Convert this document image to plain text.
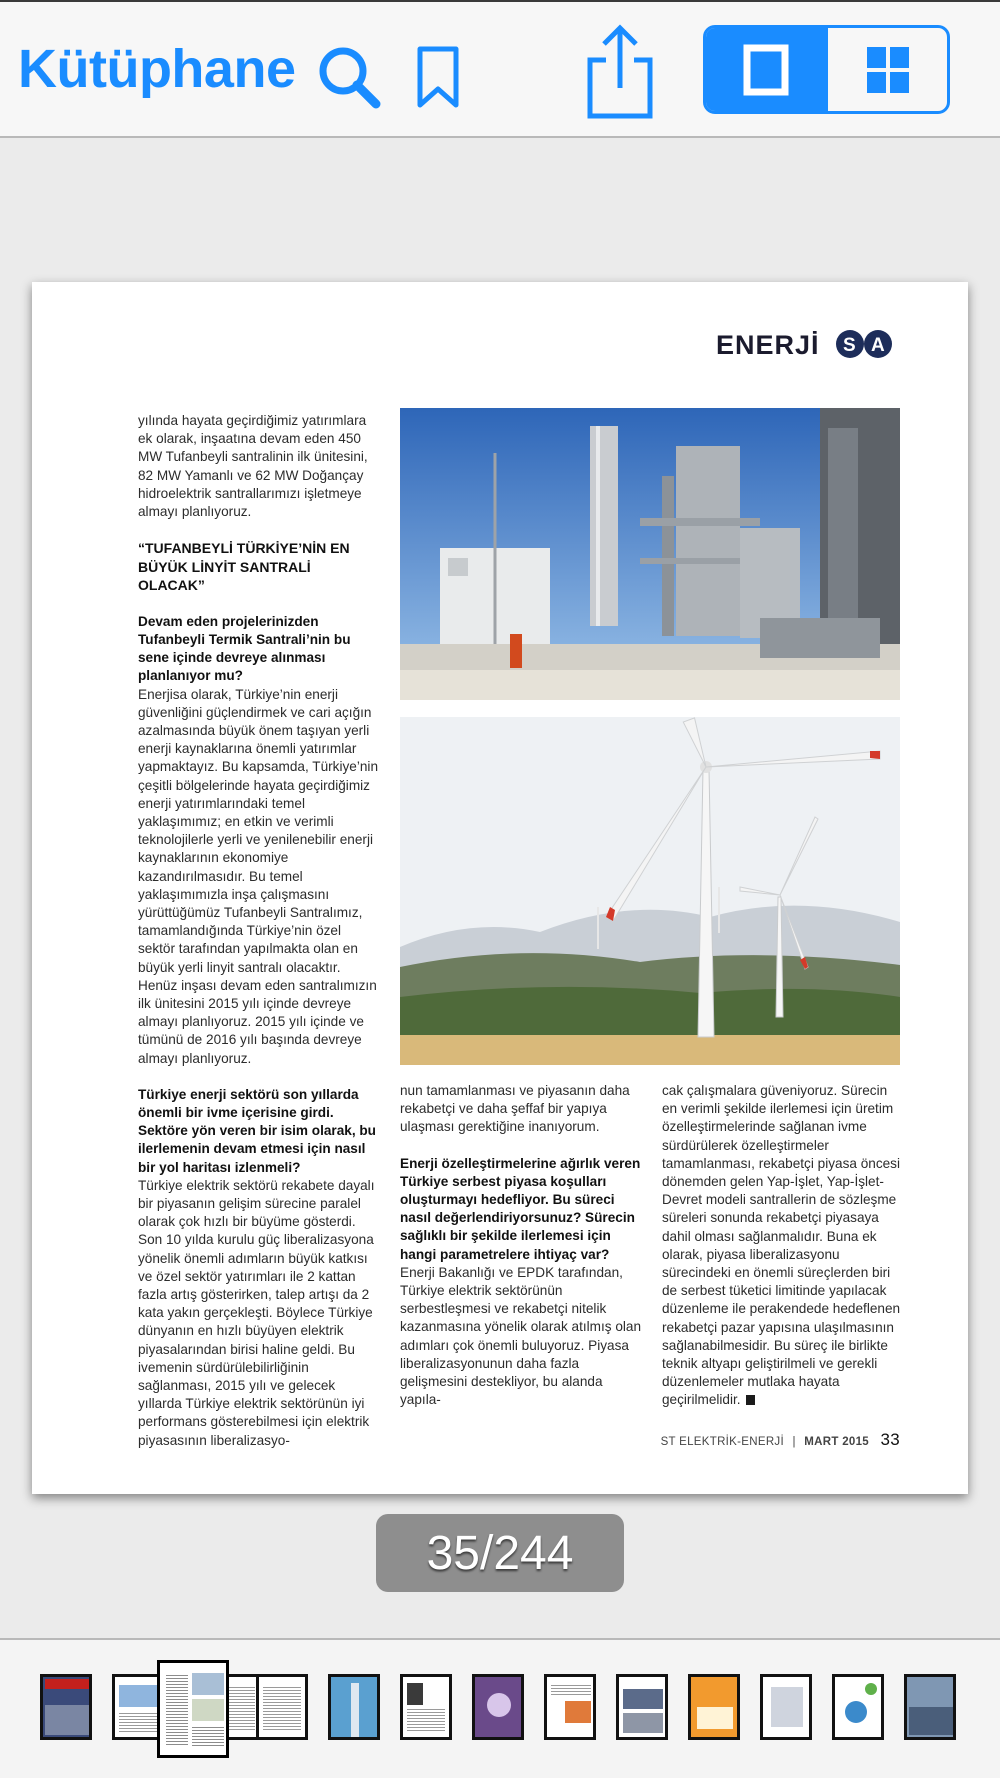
Kütüphane
ENERJİ S A

yılında hayata geçirdiğimiz yatırımlara ek olarak, inşaatına devam eden 450 MW Tufanbeyli santralinin ilk ünitesini, 82 MW Yamanlı ve 62 MW Doğançay hidroelektrik santrallarımızı işletmeye almayı planlıyoruz.

“TUFANBEYLİ TÜRKİYE’NİN EN BÜYÜK LİNYİT SANTRALİ OLACAK”

Devam eden projelerinizden Tufanbeyli Termik Santrali’nin bu sene içinde devreye alınması planlanıyor mu?

Enerjisa olarak, Türkiye’nin enerji güvenliğini güçlendirmek ve cari açığın azalmasında büyük önem taşıyan yerli enerji kaynaklarına önemli yatırımlar yapmaktayız. Bu kapsamda, Türkiye’nin çeşitli bölgelerinde hayata geçirdiğimiz enerji yatırımlarındaki temel yaklaşımımız; en etkin ve verimli teknolojilerle yerli ve yenilenebilir enerji kaynaklarının ekonomiye kazandırılmasıdır. Bu temel yaklaşımımızla inşa çalışmasını yürüttüğümüz Tufanbeyli Santralımız, tamamlandığında Türkiye’nin özel sektör tarafından yapılmakta olan en büyük yerli linyit santralı olacaktır. Henüz inşası devam eden santralımızın ilk ünitesini 2015 yılı içinde devreye almayı planlıyoruz. 2015 yılı içinde ve tümünü de 2016 yılı başında devreye almayı planlıyoruz.

Türkiye enerji sektörü son yıllarda önemli bir ivme içerisine girdi. Sektöre yön veren bir isim olarak, bu ilerlemenin devam etmesi için nasıl bir yol haritası izlenmeli?

Türkiye elektrik sektörü rekabete dayalı bir piyasanın gelişim sürecine paralel olarak çok hızlı bir büyüme gösterdi. Son 10 yılda kurulu güç liberalizasyona yönelik önemli adımların büyük katkısı ve özel sektör yatırımları ile 2 kattan fazla artış gösterirken, talep artışı da 2 kata yakın gerçekleşti. Böylece Türkiye dünyanın en hızlı büyüyen elektrik piyasalarından birisi haline geldi. Bu ivemenin sürdürülebilirliğinin sağlanması, 2015 yılı ve gelecek yıllarda Türkiye elektrik sektörünün iyi performans gösterebilmesi için elektrik piyasasının liberalizasyo-

nun tamamlanması ve piyasanın daha rekabetçi ve daha şeffaf bir yapıya ulaşması gerektiğine inanıyorum.

Enerji özelleştirmelerine ağırlık veren Türkiye serbest piyasa koşulları oluşturmayı hedefliyor. Bu süreci nasıl değerlendiriyorsunuz? Sürecin sağlıklı bir şekilde ilerlemesi için hangi parametrelere ihtiyaç var?

Enerji Bakanlığı ve EPDK tarafından, Türkiye elektrik sektörünün serbestleşmesi ve rekabetçi nitelik kazanmasına yönelik olarak atılmış olan adımları çok önemli buluyoruz. Piyasa liberalizasyonunun daha fazla gelişmesini destekliyor, bu alanda yapıla-

cak çalışmalara güveniyoruz. Sürecin en verimli şekilde ilerlemesi için üretim özelleştirmelerinde sağlanan ivme sürdürülerek özelleştirmeler tamamlanması, rekabetçi piyasa öncesi dönemden gelen Yap-İşlet, Yap-İşlet-Devret modeli santrallerin de sözleşme süreleri sonunda rekabetçi piyasaya dahil olması sağlanmalıdır. Buna ek olarak, piyasa liberalizasyonu sürecindeki en önemli süreçlerden biri de serbest tüketici limitinde yapılacak düzenleme ile perakendede hedeflenen rekabetçi pazar yapısına ulaşılmasının sağlanabilmesidir. Bu süreç ile birlikte teknik altyapı geliştirilmeli ve gerekli düzenlemeler mutlaka hayata geçirilmelidir.

ST ELEKTRİK-ENERJİ | MART 2015 33
35/244
